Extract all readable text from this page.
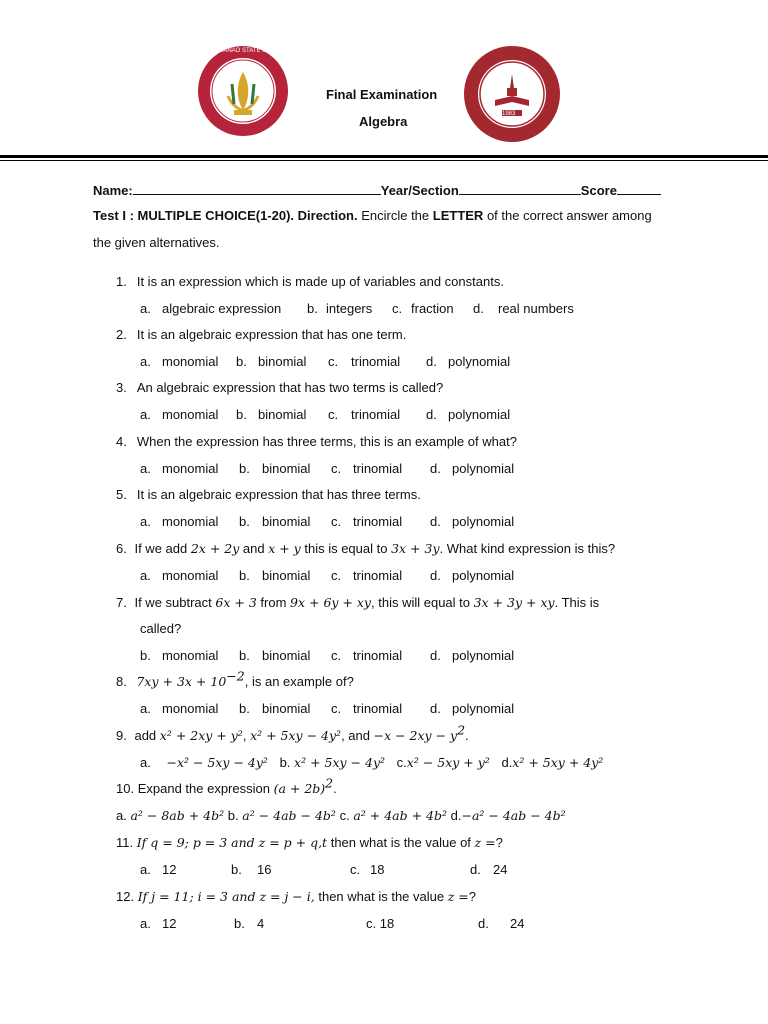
MINDANAO STATE UNIVERSITY
Final Examination
Algebra	1983
Name:	Year/Section	Score
Test I : MULTIPLE CHOICE(1-20). Direction. Encircle the LETTER of the correct answer among
the given alternatives.
1. It is an expression which is made up of variables and constants.
a. algebraic expression b. integers c. fraction d. real numbers
2. It is an algebraic expression that has one term.
a. monomial b. binomial c. trinomial d. polynomial
3. An algebraic expression that has two terms is called?
a. monomial b. binomial c. trinomial d. polynomial
4. When the expression has three terms, this is an example of what?
a. monomial b. binomial c. trinomial d. polynomial
5. It is an algebraic expression that has three terms.
a. monomial b. binomial c. trinomial d. polynomial
a. monomial b. binomial c. trinomial d. polynomial
b. monomial b. binomial c. trinomial d. polynomial
a. monomial b. binomial c. trinomial d. polynomial
6. If we add 2x + 2y and x + y this is equal to 3x + 3y. What kind expression is this?
7. If we subtract 6x + 3 from 9x + 6y + xy, this will equal to 3x + 3y + xy. This is
called?
8. $7xy + 3x + 10^{-2}$, is an example of?
9. add x² + 2xy + y², x² + 5xy − 4y², and $-x - 2xy - y^2$.
a. −x² − 5xy − 4y² b. x² + 5xy − 4y² c.x² − 5xy + y² d.x² + 5xy + 4y²
10. Expand the expression $(a + 2b)^2$.
a. a² − 8ab + 4b² b. a² − 4ab − 4b² c. a² + 4ab + 4b² d.−a² − 4ab − 4b²
11. If q = 9; p = 3 and z = p + q,t then what is the value of z =?
a. 12	b. 16	c. 18	d. 24
12. If j = 11; i = 3 and z = j − i, then what is the value z =?
a. 12	b. 4	c. 18	d. 24
